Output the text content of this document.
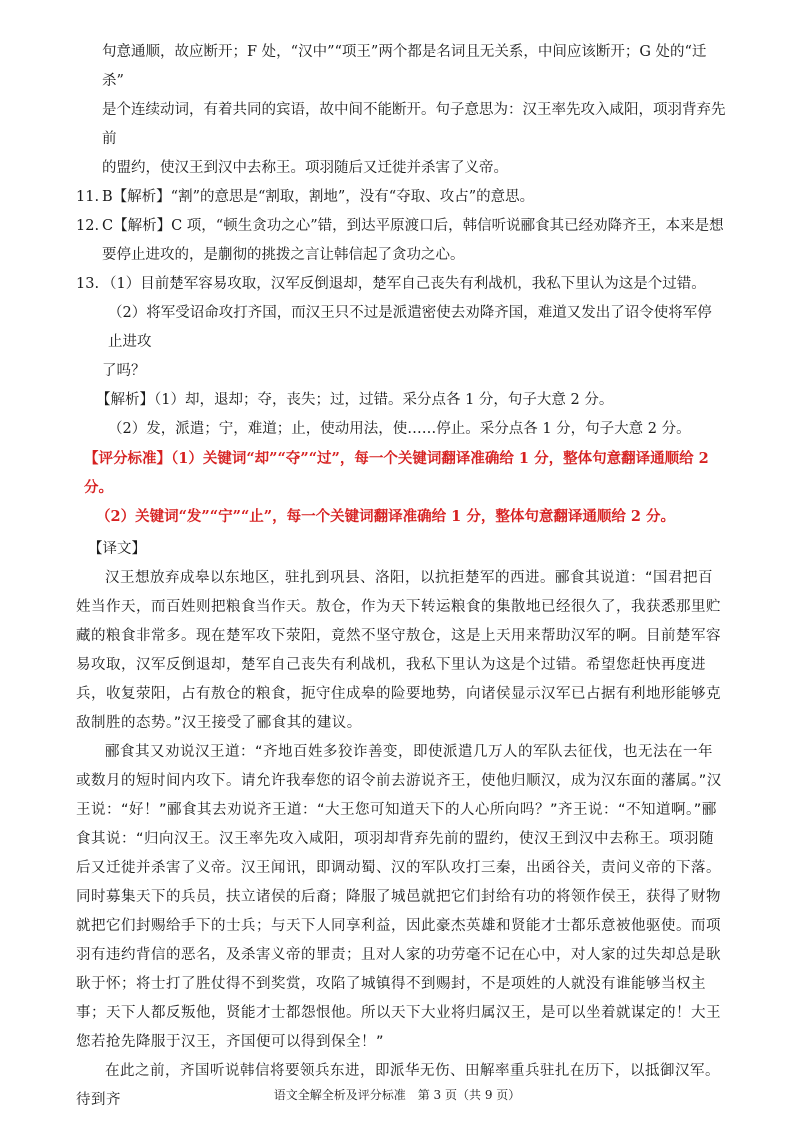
句意通顺，故应断开；F 处，“汉中”“项王”两个都是名词且无关系，中间应该断开；G 处的“迁杀”

是个连续动词，有着共同的宾语，故中间不能断开。句子意思为：汉王率先攻入咸阳，项羽背弃先前

的盟约，使汉王到汉中去称王。项羽随后又迁徙并杀害了义帝。

11. B【解析】“割”的意思是“割取，割地”，没有“夺取、攻占”的意思。
12. C【解析】C 项，“顿生贪功之心”错，到达平原渡口后，韩信听说郦食其已经劝降齐王，本来是想
要停止进攻的，是蒯彻的挑拨之言让韩信起了贪功之心。
13. （1）目前楚军容易攻取，汉军反倒退却，楚军自己丧失有利战机，我私下里认为这是个过错。

（2）将军受诏命攻打齐国，而汉王只不过是派遣密使去劝降齐国，难道又发出了诏令使将军停止进攻

了吗？

【解析】（1）却，退却；夺，丧失；过，过错。采分点各 1 分，句子大意 2 分。

（2）发，派遣；宁，难道；止，使动用法，使……停止。采分点各 1 分，句子大意 2 分。

【评分标准】（1）关键词“却”“夺”“过”，每一个关键词翻译准确给 1 分，整体句意翻译通顺给 2 分。

（2）关键词“发”“宁”“止”，每一个关键词翻译准确给 1 分，整体句意翻译通顺给 2 分。

【译文】

汉王想放弃成皋以东地区，驻扎到巩县、洛阳，以抗拒楚军的西进。郦食其说道：“国君把百姓当作天，而百姓则把粮食当作天。敖仓，作为天下转运粮食的集散地已经很久了，我获悉那里贮藏的粮食非常多。现在楚军攻下荥阳，竟然不坚守敖仓，这是上天用来帮助汉军的啊。目前楚军容易攻取，汉军反倒退却，楚军自己丧失有利战机，我私下里认为这是个过错。希望您赶快再度进兵，收复荥阳，占有敖仓的粮食，扼守住成皋的险要地势，向诸侯显示汉军已占据有利地形能够克敌制胜的态势。”汉王接受了郦食其的建议。

郦食其又劝说汉王道：“齐地百姓多狡诈善变，即使派遣几万人的军队去征伐，也无法在一年或数月的短时间内攻下。请允许我奉您的诏令前去游说齐王，使他归顺汉，成为汉东面的藩属。”汉王说：“好！”郦食其去劝说齐王道：“大王您可知道天下的人心所向吗？”齐王说：“不知道啊。”郦食其说：“归向汉王。汉王率先攻入咸阳，项羽却背弃先前的盟约，使汉王到汉中去称王。项羽随后又迁徙并杀害了义帝。汉王闻讯，即调动蜀、汉的军队攻打三秦，出函谷关，责问义帝的下落。同时募集天下的兵员，扶立诸侯的后裔；降服了城邑就把它们封给有功的将领作侯王，获得了财物就把它们封赐给手下的士兵；与天下人同享利益，因此豪杰英雄和贤能才士都乐意被他驱使。而项羽有违约背信的恶名，及杀害义帝的罪责；且对人家的功劳毫不记在心中，对人家的过失却总是耿耿于怀；将士打了胜仗得不到奖赏，攻陷了城镇得不到赐封，不是项姓的人就没有谁能够当权主事；天下人都反叛他，贤能才士都怨恨他。所以天下大业将归属汉王，是可以坐着就谋定的！大王您若抢先降服于汉王，齐国便可以得到保全！”

在此之前，齐国听说韩信将要领兵东进，即派华无伤、田解率重兵驻扎在历下，以抵御汉军。待到齐	语文全解全析及评分标准　第 3 页（共 9 页）
